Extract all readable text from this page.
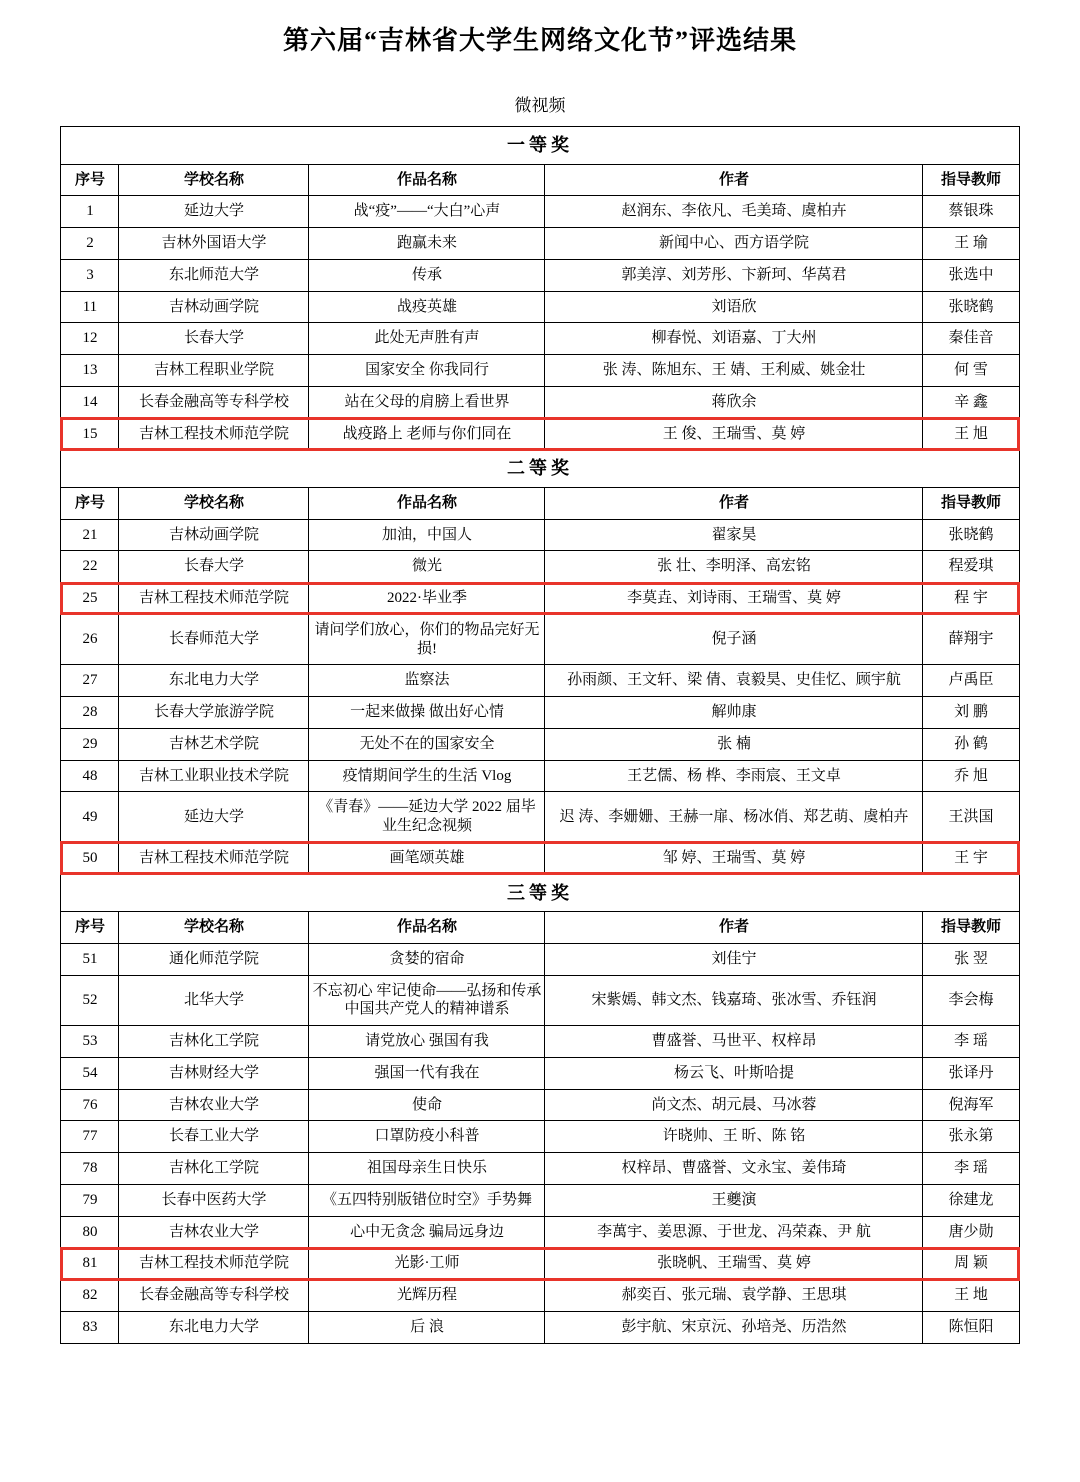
第六届“吉林省大学生网络文化节”评选结果
微视频
一等奖				
序号	学校名称	作品名称	作者	指导教师
1	延边大学	战“疫”——“大白”心声	赵润东、李依凡、毛美琦、虞柏卉	蔡银珠
2	吉林外国语大学	跑赢未来	新闻中心、西方语学院	王 瑜
3	东北师范大学	传承	郭美淳、刘芳彤、卞新珂、华莴君	张选中
11	吉林动画学院	战疫英雄	刘语欣	张晓鹤
12	长春大学	此处无声胜有声	柳春悦、刘语嘉、丁大州	秦佳音
13	吉林工程职业学院	国家安全 你我同行	张 涛、陈旭东、王 婧、王利威、姚金壮	何 雪
14	长春金融高等专科学校	站在父母的肩膀上看世界	蒋欣余	辛 鑫
15	吉林工程技术师范学院	战疫路上 老师与你们同在	王 俊、王瑞雪、莫 婷	王 旭
二等奖				
序号	学校名称	作品名称	作者	指导教师
21	吉林动画学院	加油，中国人	翟家昊	张晓鹤
22	长春大学	微光	张 壮、李明泽、高宏铭	程爱琪
25	吉林工程技术师范学院	2022·毕业季	李莫垚、刘诗雨、王瑞雪、莫 婷	程 宇
26	长春师范大学	请问学们放心，你们的物品完好无损!	倪子涵	薛翔宇
27	东北电力大学	监察法	孙雨颜、王文轩、梁 倩、袁毅昊、史佳忆、顾宇航	卢禹臣
28	长春大学旅游学院	一起来做操 做出好心情	解帅康	刘 鹏
29	吉林艺术学院	无处不在的国家安全	张 楠	孙 鹤
48	吉林工业职业技术学院	疫情期间学生的生活 Vlog	王艺儒、杨 桦、李雨宸、王文卓	乔 旭
49	延边大学	《青春》——延边大学 2022 届毕业生纪念视频	迟 涛、李姗姗、王赫一扉、杨冰俏、郑艺萌、虞柏卉	王洪国
50	吉林工程技术师范学院	画笔颂英雄	邹 婷、王瑞雪、莫 婷	王 宇
三等奖				
序号	学校名称	作品名称	作者	指导教师
51	通化师范学院	贪婪的宿命	刘佳宁	张 翌
52	北华大学	不忘初心 牢记使命——弘扬和传承中国共产党人的精神谱系	宋紫嫣、韩文杰、钱嘉琦、张冰雪、乔钰润	李会梅
53	吉林化工学院	请党放心 强国有我	曹盛誉、马世平、权梓昂	李 瑶
54	吉林财经大学	强国一代有我在	杨云飞、叶斯哈提	张译丹
76	吉林农业大学	使命	尚文杰、胡元晨、马冰蓉	倪海军
77	长春工业大学	口罩防疫小科普	许晓帅、王 昕、陈 铭	张永第
78	吉林化工学院	祖国母亲生日快乐	权梓昂、曹盛誉、文永宝、姜伟琦	李 瑶
79	长春中医药大学	《五四特别版错位时空》手势舞	王夔演	徐建龙
80	吉林农业大学	心中无贪念 骗局远身边	李萬宇、姜思源、于世龙、冯荣森、尹 航	唐少勋
81	吉林工程技术师范学院	光影·工师	张晓帆、王瑞雪、莫 婷	周 颖
82	长春金融高等专科学校	光辉历程	郝奕百、张元瑞、袁学静、王思琪	王 地
83	东北电力大学	后 浪	彭宇航、宋京沅、孙培尧、历浩然	陈恒阳
